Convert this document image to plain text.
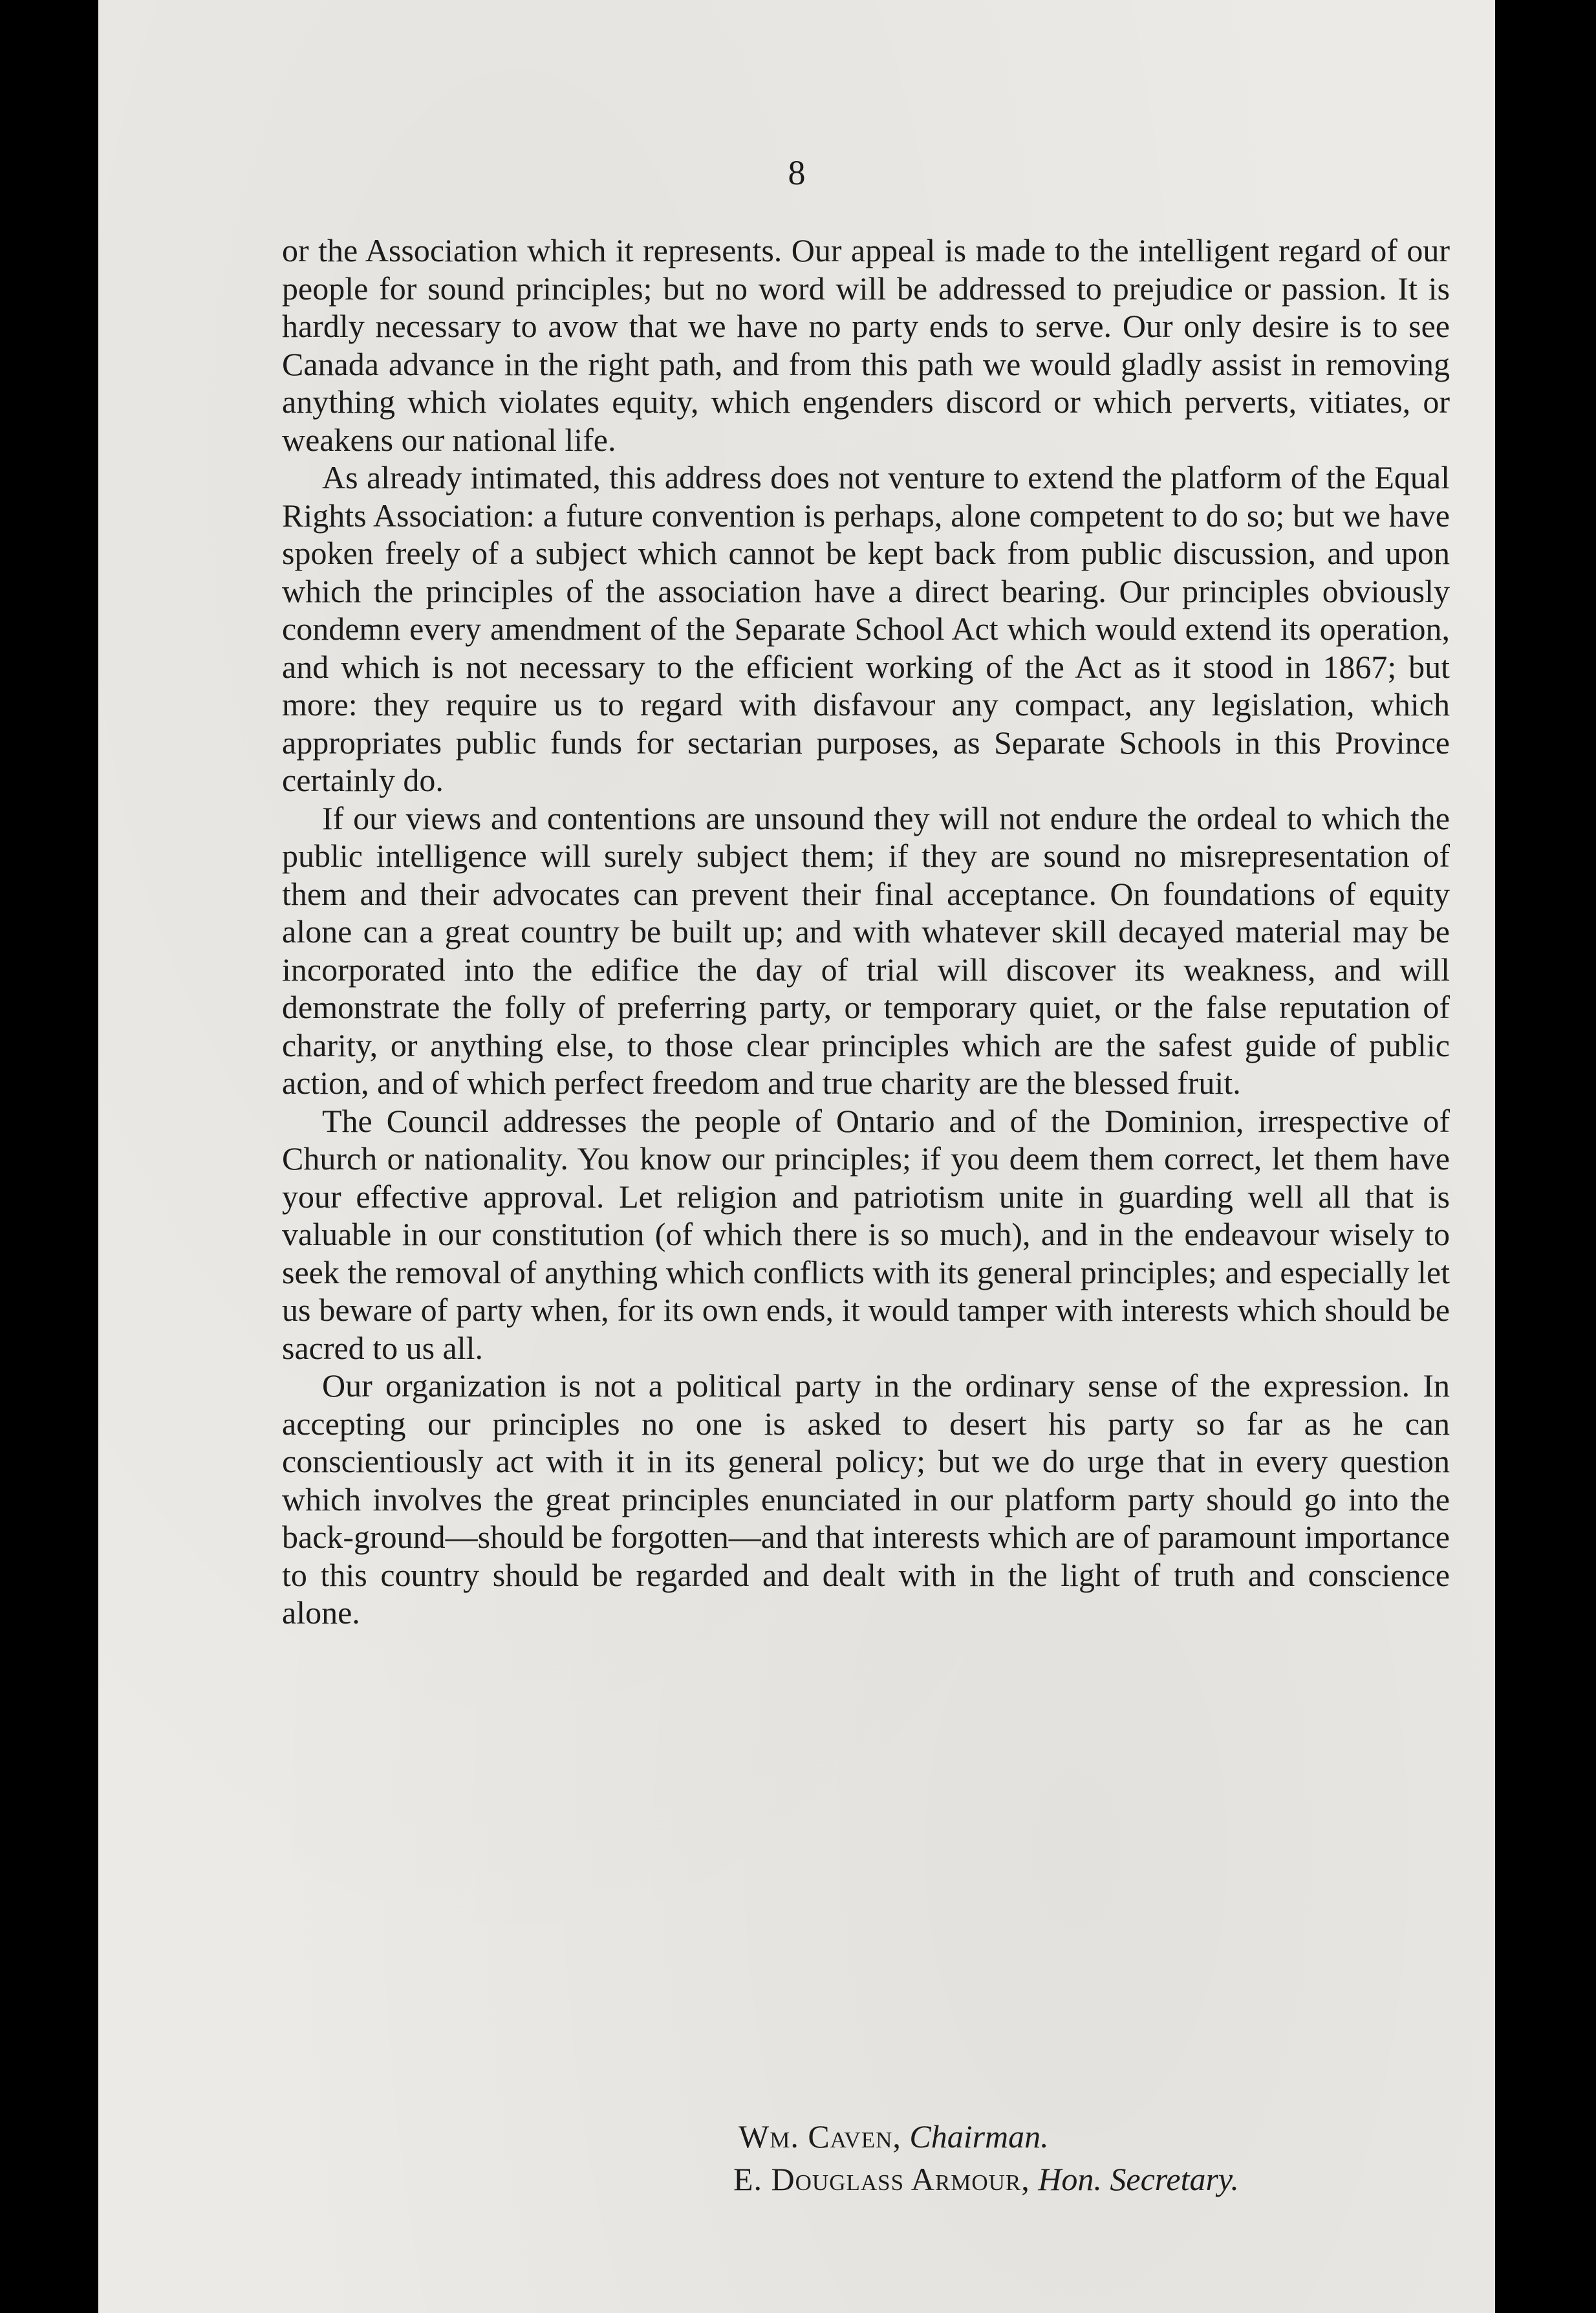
8

or the Association which it represents. Our appeal is made to the intelligent regard of our people for sound principles; but no word will be addressed to prejudice or passion. It is hardly necessary to avow that we have no party ends to serve. Our only desire is to see Canada advance in the right path, and from this path we would gladly assist in removing anything which violates equity, which engenders discord or which perverts, vitiates, or weakens our national life.

As already intimated, this address does not venture to extend the platform of the Equal Rights Association: a future convention is perhaps, alone competent to do so; but we have spoken freely of a subject which cannot be kept back from public discussion, and upon which the principles of the association have a direct bearing. Our principles obviously condemn every amendment of the Separate School Act which would extend its operation, and which is not necessary to the efficient working of the Act as it stood in 1867; but more: they require us to regard with disfavour any compact, any legislation, which appropriates public funds for sectarian purposes, as Separate Schools in this Province certainly do.

If our views and contentions are unsound they will not endure the ordeal to which the public intelligence will surely subject them; if they are sound no misrepresentation of them and their advocates can prevent their final acceptance. On foundations of equity alone can a great country be built up; and with whatever skill decayed material may be incorporated into the edifice the day of trial will discover its weakness, and will demonstrate the folly of preferring party, or temporary quiet, or the false reputation of charity, or anything else, to those clear principles which are the safest guide of public action, and of which perfect freedom and true charity are the blessed fruit.

The Council addresses the people of Ontario and of the Dominion, irrespective of Church or nationality. You know our principles; if you deem them correct, let them have your effective approval. Let religion and patriotism unite in guarding well all that is valuable in our constitution (of which there is so much), and in the endeavour wisely to seek the removal of anything which conflicts with its general principles; and especially let us beware of party when, for its own ends, it would tamper with interests which should be sacred to us all.

Our organization is not a political party in the ordinary sense of the expression. In accepting our principles no one is asked to desert his party so far as he can conscientiously act with it in its general policy; but we do urge that in every question which involves the great principles enunciated in our platform party should go into the back-ground—should be forgotten—and that interests which are of paramount importance to this country should be regarded and dealt with in the light of truth and conscience alone.

Wm. Caven, Chairman.
E. Douglass Armour, Hon. Secretary.
